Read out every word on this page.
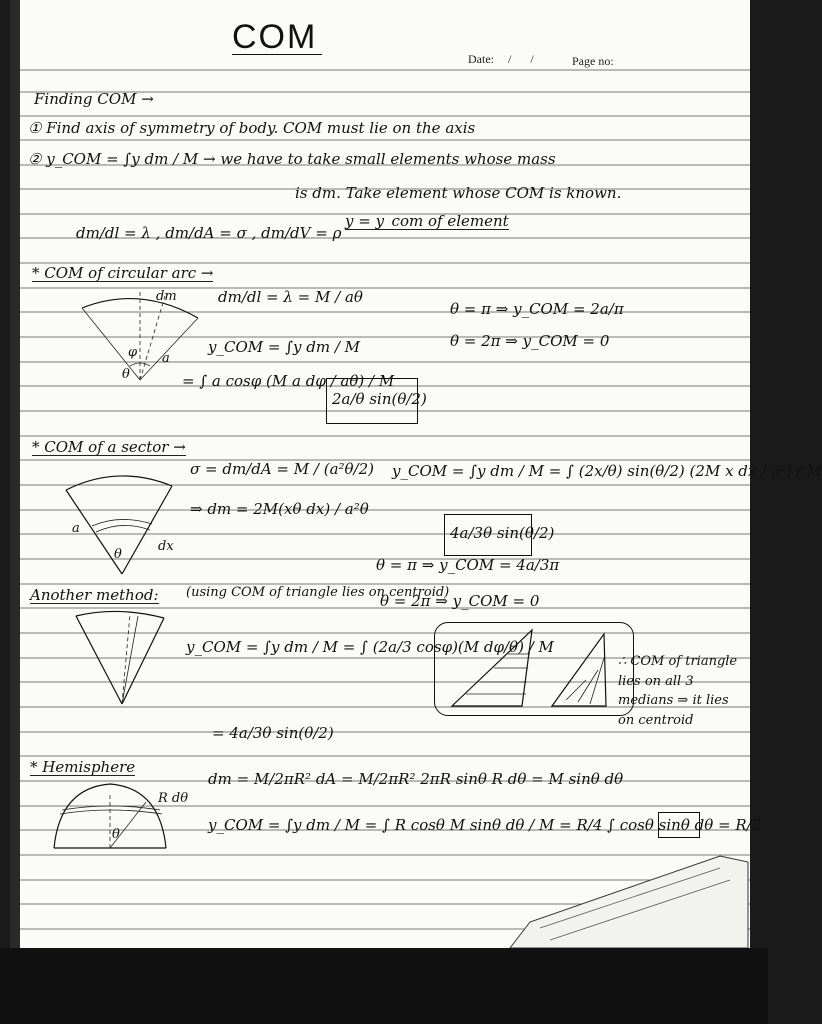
COM
Date: / /	Page no:
Finding COM →
① Find axis of symmetry of body. COM must lie on the axis
② y_COM = ∫y dm / M → we have to take small elements whose mass
is dm. Take element whose COM is known.
y = y_com of element
dm/dl = λ , dm/dA = σ , dm/dV = ρ
* COM of circular arc →
dm/dl = λ = M / aθ
y_COM = ∫y dm / M
= ∫ a cosφ (M a dφ / aθ) / M
2a/θ sin(θ/2)
θ = π ⇒ y_COM = 2a/π
θ = 2π ⇒ y_COM = 0
dm
a
φ
θ
* COM of a sector →
σ = dm/dA = M / (a²θ/2)
⇒ dm = 2M(xθ dx) / a²θ
y_COM = ∫y dm / M = ∫ (2x/θ) sin(θ/2) (2M x dx / a²) / M
4a/3θ sin(θ/2)
θ = π ⇒ y_COM = 4a/3π
θ = 2π ⇒ y_COM = 0
a
θ
dx
Another method: (using COM of triangle lies on centroid)
y_COM = ∫y dm / M = ∫ (2a/3 cosφ)(M dφ/θ) / M
= 4a/3θ sin(θ/2)
∴ COM of triangle lies on all 3 medians ⇒ it lies on centroid
* Hemisphere
dm = M/2πR² dA = M/2πR² 2πR sinθ R dθ = M sinθ dθ
y_COM = ∫y dm / M = ∫ R cosθ M sinθ dθ / M = R/4 ∫ cosθ sinθ dθ = R/2
R dθ
θ
